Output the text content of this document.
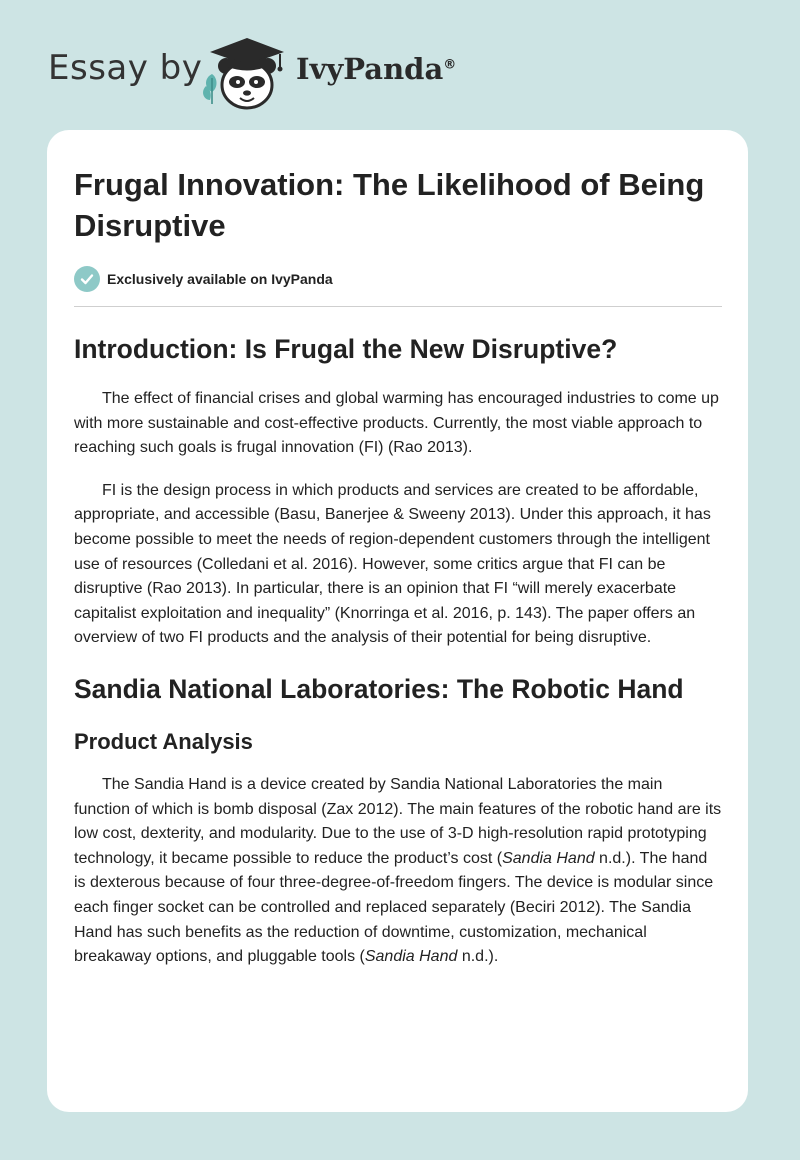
Essay by	IvyPanda®
Frugal Innovation: The Likelihood of Being Disruptive
Exclusively available on IvyPanda
Introduction: Is Frugal the New Disruptive?

The effect of financial crises and global warming has encouraged industries to come up with more sustainable and cost-effective products. Currently, the most viable approach to reaching such goals is frugal innovation (FI) (Rao 2013).

FI is the design process in which products and services are created to be affordable, appropriate, and accessible (Basu, Banerjee & Sweeny 2013). Under this approach, it has become possible to meet the needs of region-dependent customers through the intelligent use of resources (Colledani et al. 2016). However, some critics argue that FI can be disruptive (Rao 2013). In particular, there is an opinion that FI “will merely exacerbate capitalist exploitation and inequality” (Knorringa et al. 2016, p. 143). The paper offers an overview of two FI products and the analysis of their potential for being disruptive.

Sandia National Laboratories: The Robotic Hand
Product Analysis

The Sandia Hand is a device created by Sandia National Laboratories the main function of which is bomb disposal (Zax 2012). The main features of the robotic hand are its low cost, dexterity, and modularity. Due to the use of 3-D high-resolution rapid prototyping technology, it became possible to reduce the product’s cost (Sandia Hand n.d.). The hand is dexterous because of four three-degree-of-freedom fingers. The device is modular since each finger socket can be controlled and replaced separately (Beciri 2012). The Sandia Hand has such benefits as the reduction of downtime, customization, mechanical breakaway options, and pluggable tools (Sandia Hand n.d.).
